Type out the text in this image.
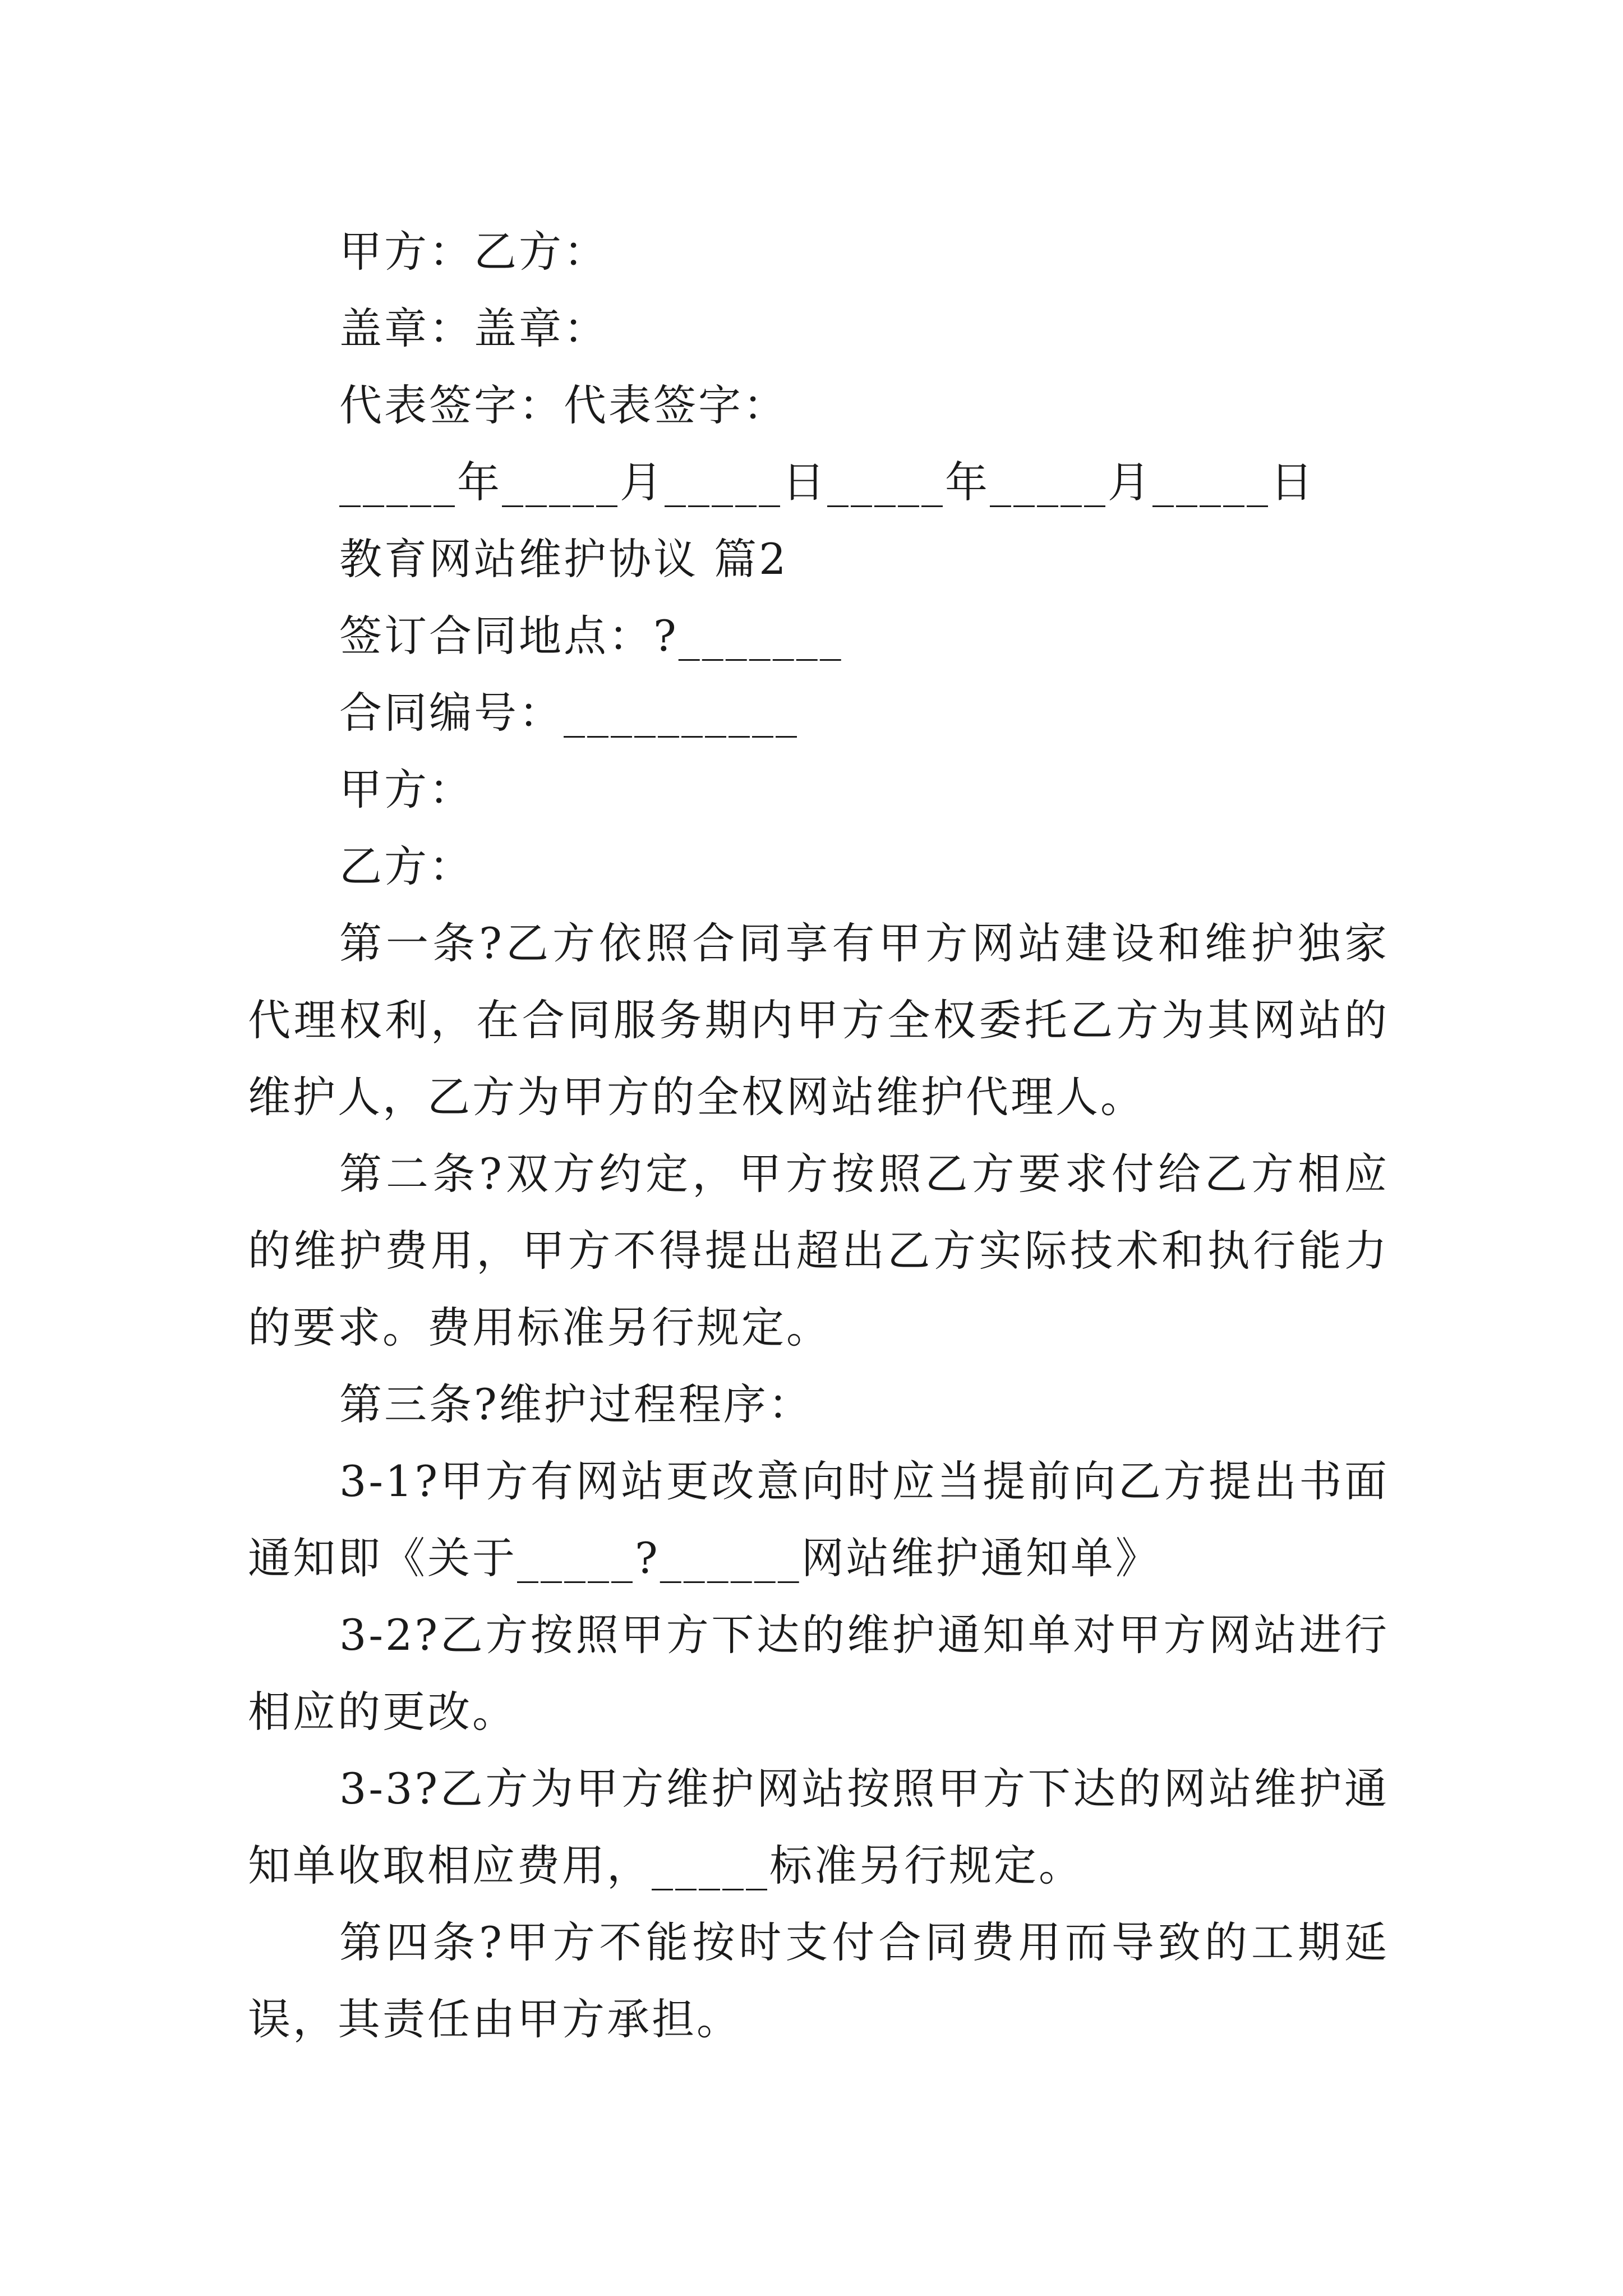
甲方：乙方：
盖章：盖章：
代表签字：代表签字：
_____年_____月_____日_____年_____月_____日
教育网站维护协议 篇2
签订合同地点：?_______
合同编号：__________
甲方：
乙方：

第一条?乙方依照合同享有甲方网站建设和维护独家代理权利，在合同服务期内甲方全权委托乙方为其网站的维护人，乙方为甲方的全权网站维护代理人。

第二条?双方约定，甲方按照乙方要求付给乙方相应的维护费用，甲方不得提出超出乙方实际技术和执行能力的要求。费用标准另行规定。

第三条?维护过程程序：

3-1?甲方有网站更改意向时应当提前向乙方提出书面通知即《关于_____?______网站维护通知单》

3-2?乙方按照甲方下达的维护通知单对甲方网站进行相应的更改。

3-3?乙方为甲方维护网站按照甲方下达的网站维护通知单收取相应费用，_____标准另行规定。

第四条?甲方不能按时支付合同费用而导致的工期延误，其责任由甲方承担。
